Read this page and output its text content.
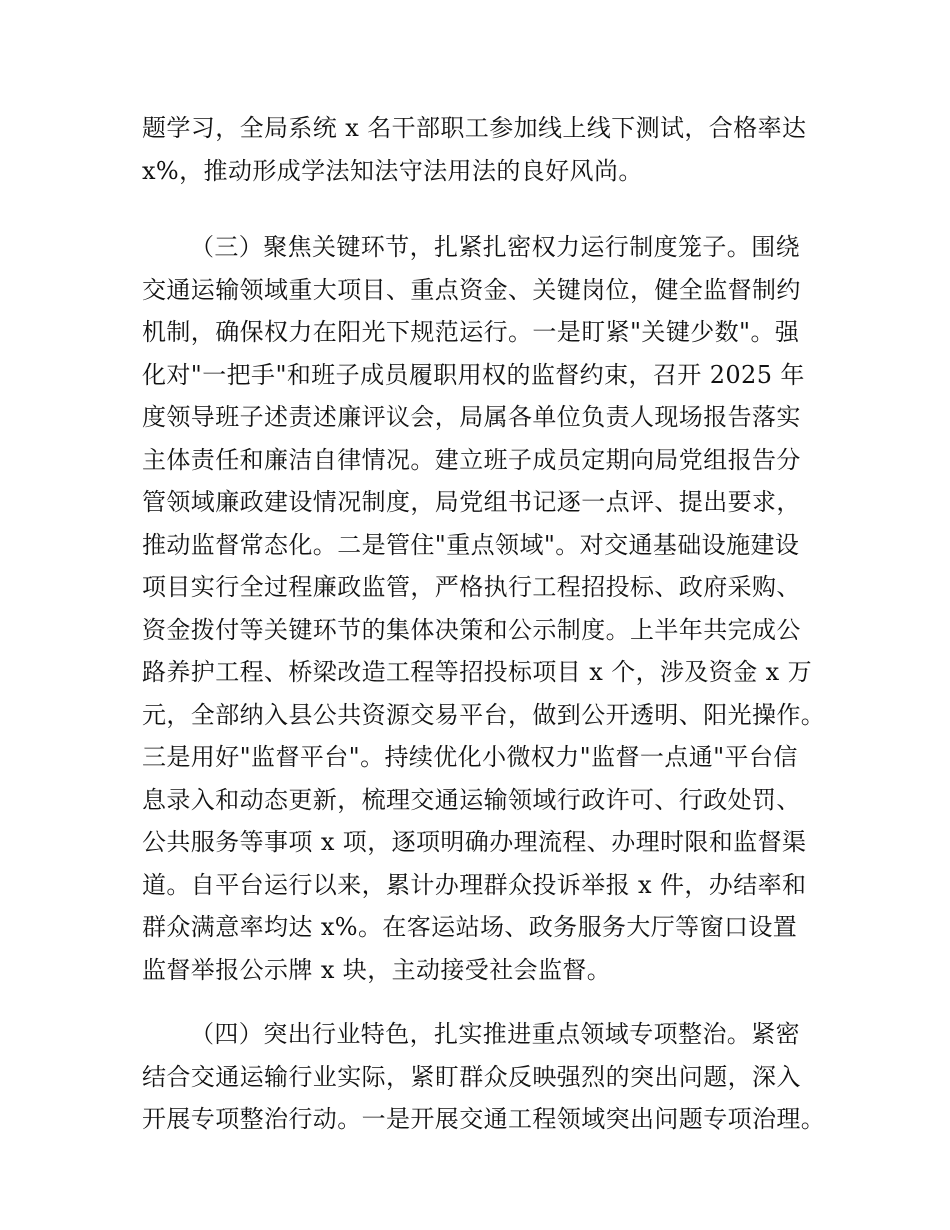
题学习，全局系统 x 名干部职工参加线上线下测试，合格率达
x%，推动形成学法知法守法用法的良好风尚。
（三）聚焦关键环节，扎紧扎密权力运行制度笼子。围绕
交通运输领域重大项目、重点资金、关键岗位，健全监督制约
机制，确保权力在阳光下规范运行。一是盯紧"关键少数"。强
化对"一把手"和班子成员履职用权的监督约束，召开 2025 年
度领导班子述责述廉评议会，局属各单位负责人现场报告落实
主体责任和廉洁自律情况。建立班子成员定期向局党组报告分
管领域廉政建设情况制度，局党组书记逐一点评、提出要求，
推动监督常态化。二是管住"重点领域"。对交通基础设施建设
项目实行全过程廉政监管，严格执行工程招投标、政府采购、
资金拨付等关键环节的集体决策和公示制度。上半年共完成公
路养护工程、桥梁改造工程等招投标项目 x 个，涉及资金 x 万
元，全部纳入县公共资源交易平台，做到公开透明、阳光操作。
三是用好"监督平台"。持续优化小微权力"监督一点通"平台信
息录入和动态更新，梳理交通运输领域行政许可、行政处罚、
公共服务等事项 x 项，逐项明确办理流程、办理时限和监督渠
道。自平台运行以来，累计办理群众投诉举报 x 件，办结率和
群众满意率均达 x%。在客运站场、政务服务大厅等窗口设置
监督举报公示牌 x 块，主动接受社会监督。
（四）突出行业特色，扎实推进重点领域专项整治。紧密
结合交通运输行业实际，紧盯群众反映强烈的突出问题，深入
开展专项整治行动。一是开展交通工程领域突出问题专项治理。
